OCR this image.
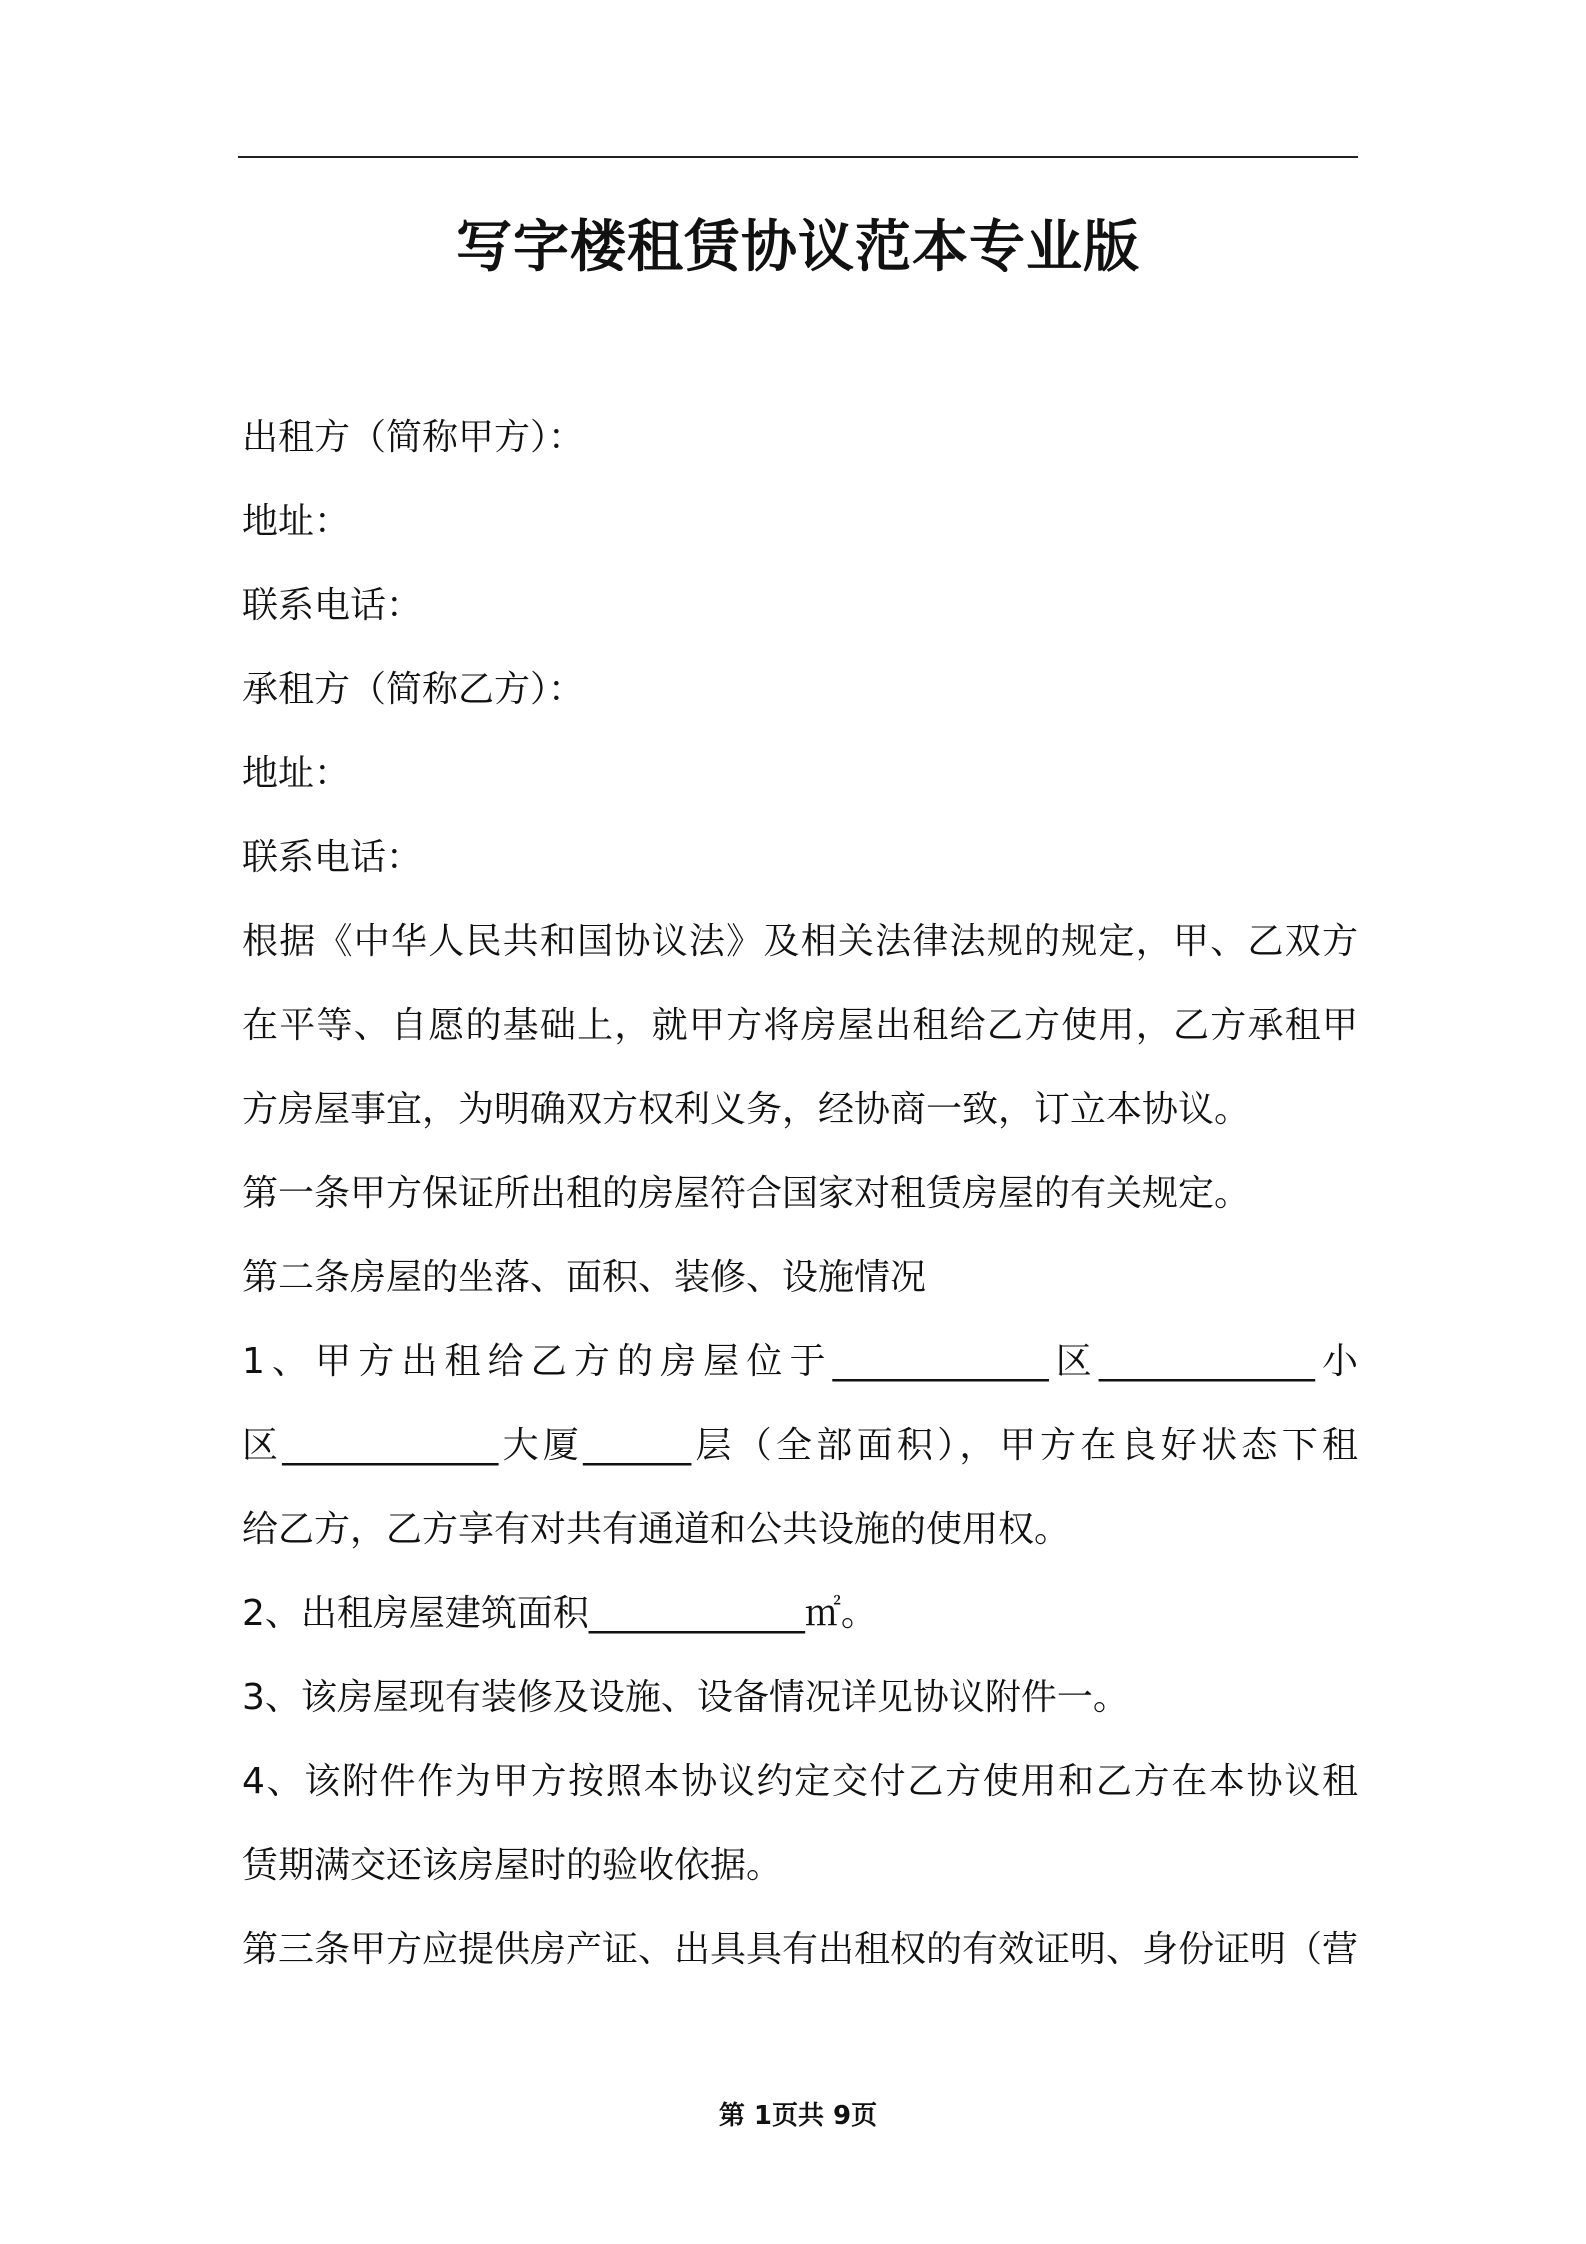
写字楼租赁协议范本专业版
出租方（简称甲方）：
地址：
联系电话：
承租方（简称乙方）：
地址：
联系电话：
根据《中华人民共和国协议法》及相关法律法规的规定，甲、乙双方
在平等、自愿的基础上，就甲方将房屋出租给乙方使用，乙方承租甲
方房屋事宜，为明确双方权利义务，经协商一致，订立本协议。
第一条甲方保证所出租的房屋符合国家对租赁房屋的有关规定。
第二条房屋的坐落、面积、装修、设施情况
1、甲方出租给乙方的房屋位于____________区____________小
区____________大厦______层（全部面积），甲方在良好状态下租
给乙方，乙方享有对共有通道和公共设施的使用权。
2、出租房屋建筑面积____________㎡。
3、该房屋现有装修及设施、设备情况详见协议附件一。
4、该附件作为甲方按照本协议约定交付乙方使用和乙方在本协议租
赁期满交还该房屋时的验收依据。
第三条甲方应提供房产证、出具具有出租权的有效证明、身份证明（营
第 1页共 9页
